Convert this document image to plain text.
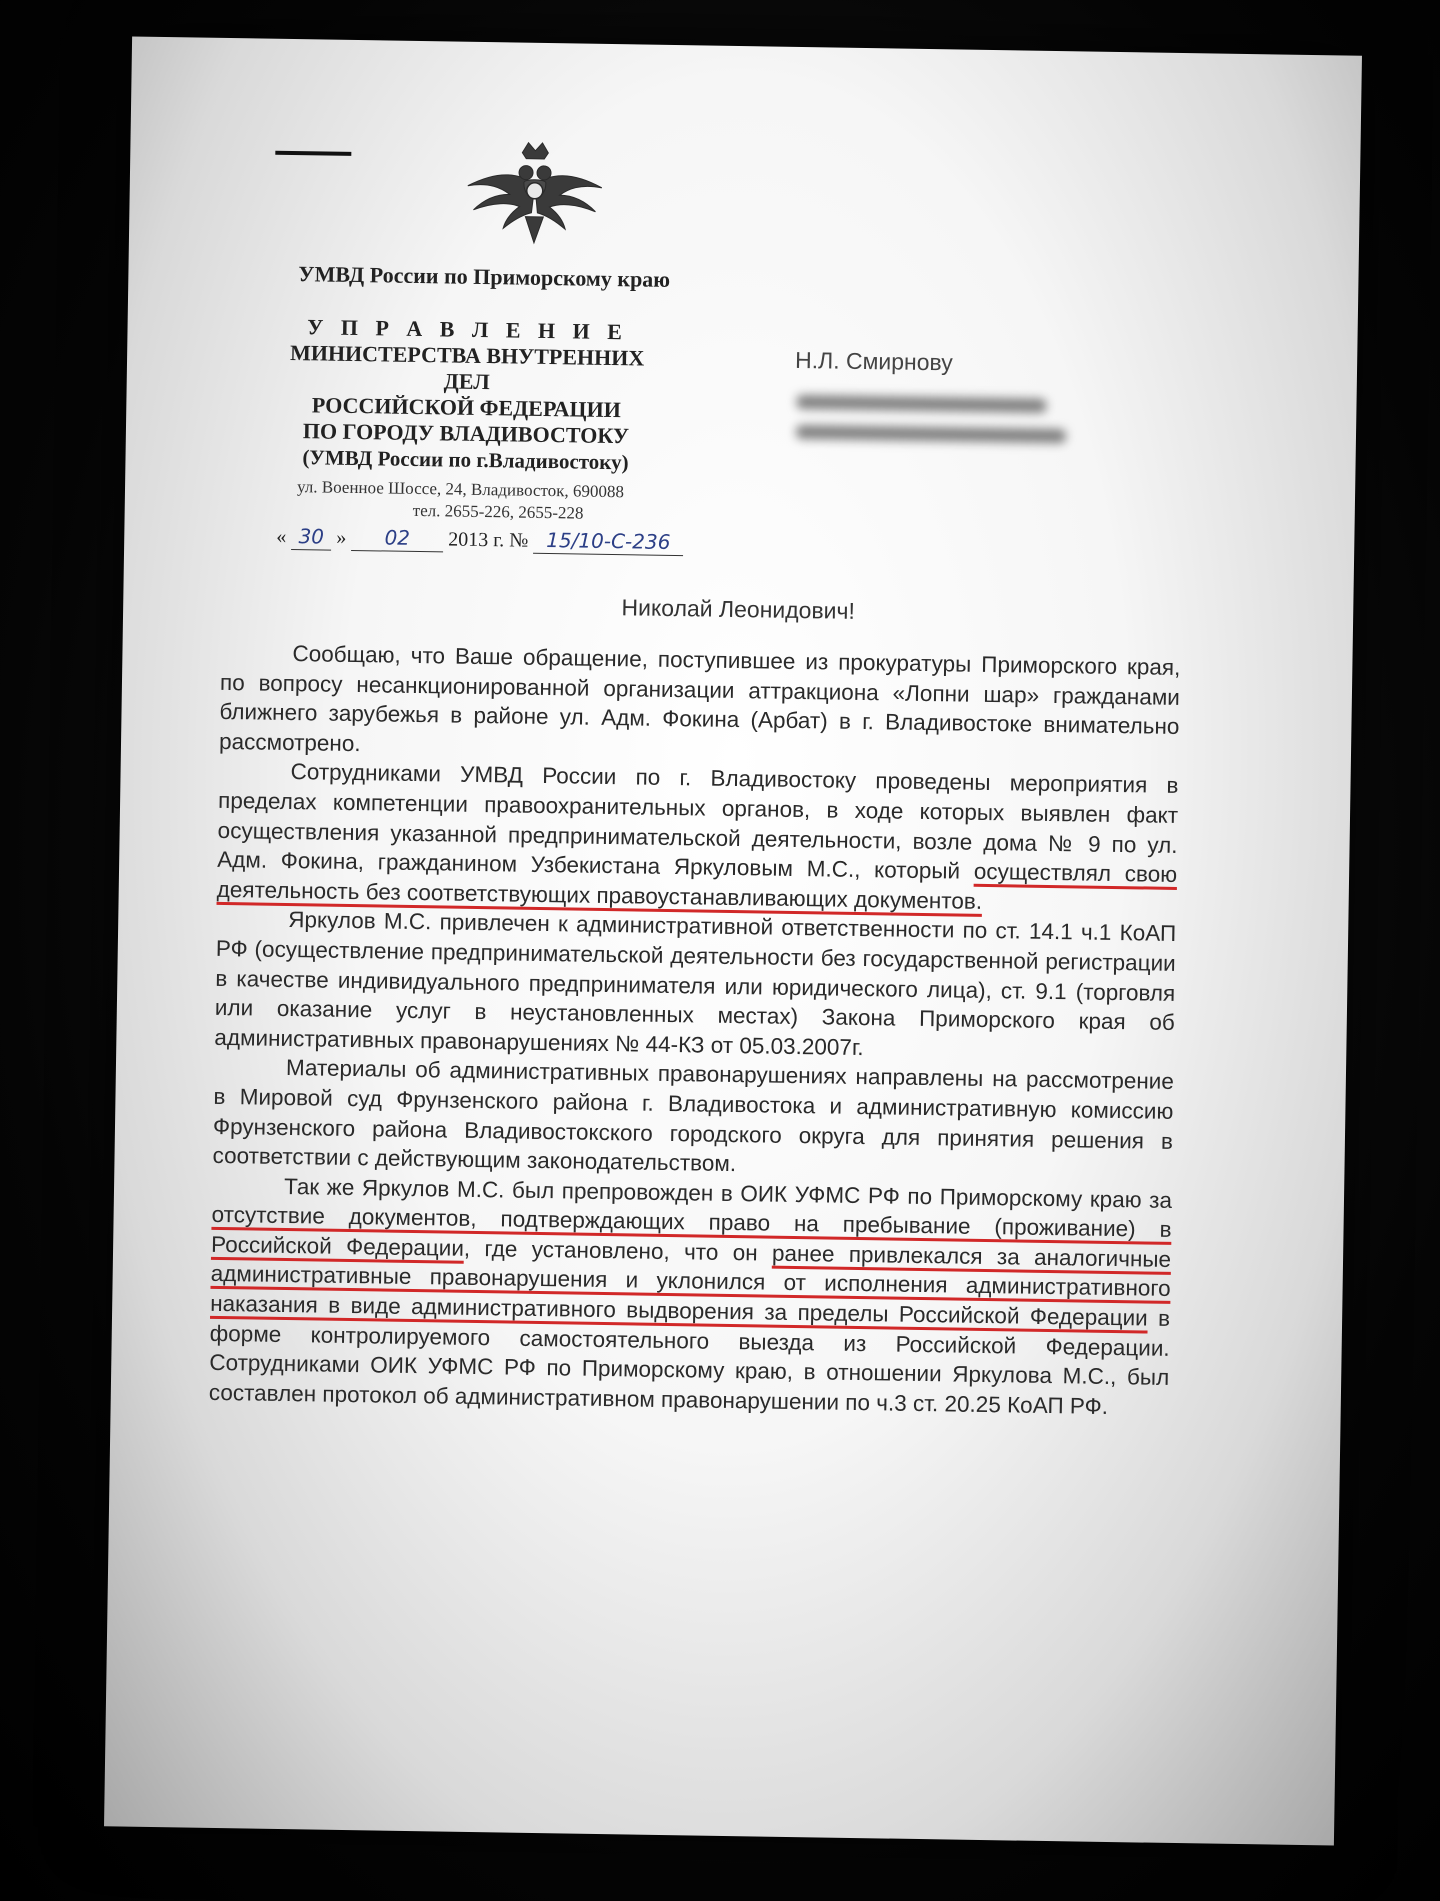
УМВД России по Приморскому краю
У П Р А В Л Е Н И Е
МИНИСТЕРСТВА ВНУТРЕННИХ ДЕЛ
РОССИЙСКОЙ ФЕДЕРАЦИИ
ПО ГОРОДУ ВЛАДИВОСТОКУ
(УМВД России по г.Владивостоку)
ул. Военное Шоссе, 24, Владивосток, 690088
тел. 2655-226, 2655-228
« 30 » 02 2013 г. № 15/10-С-236
Н.Л. Смирнову
Николай Леонидович!

Сообщаю, что Ваше обращение, поступившее из прокуратуры Приморского края, по вопросу несанкционированной организации аттракциона «Лопни шар» гражданами ближнего зарубежья в районе ул. Адм. Фокина (Арбат) в г. Владивостоке внимательно рассмотрено.

Сотрудниками УМВД России по г. Владивостоку проведены мероприятия в пределах компетенции правоохранительных органов, в ходе которых выявлен факт осуществления указанной предпринимательской деятельности, возле дома № 9 по ул. Адм. Фокина, гражданином Узбекистана Яркуловым М.С., который осуществлял свою деятельность без соответствующих правоустанавливающих документов.

Яркулов М.С. привлечен к административной ответственности по ст. 14.1 ч.1 КоАП РФ (осуществление предпринимательской деятельности без государственной регистрации в качестве индивидуального предпринимателя или юридического лица), ст. 9.1 (торговля или оказание услуг в неустановленных местах) Закона Приморского края об административных правонарушениях № 44-КЗ от 05.03.2007г.

Материалы об административных правонарушениях направлены на рассмотрение в Мировой суд Фрунзенского района г. Владивостока и административную комиссию Фрунзенского района Владивостокского городского округа для принятия решения в соответствии с действующим законодательством.

Так же Яркулов М.С. был препровожден в ОИК УФМС РФ по Приморскому краю за отсутствие документов, подтверждающих право на пребывание (проживание) в Российской Федерации, где установлено, что он ранее привлекался за аналогичные административные правонарушения и уклонился от исполнения административного наказания в виде административного выдворения за пределы Российской Федерации в форме контролируемого самостоятельного выезда из Российской Федерации. Сотрудниками ОИК УФМС РФ по Приморскому краю, в отношении Яркулова М.С., был составлен протокол об административном правонарушении по ч.3 ст. 20.25 КоАП РФ.
